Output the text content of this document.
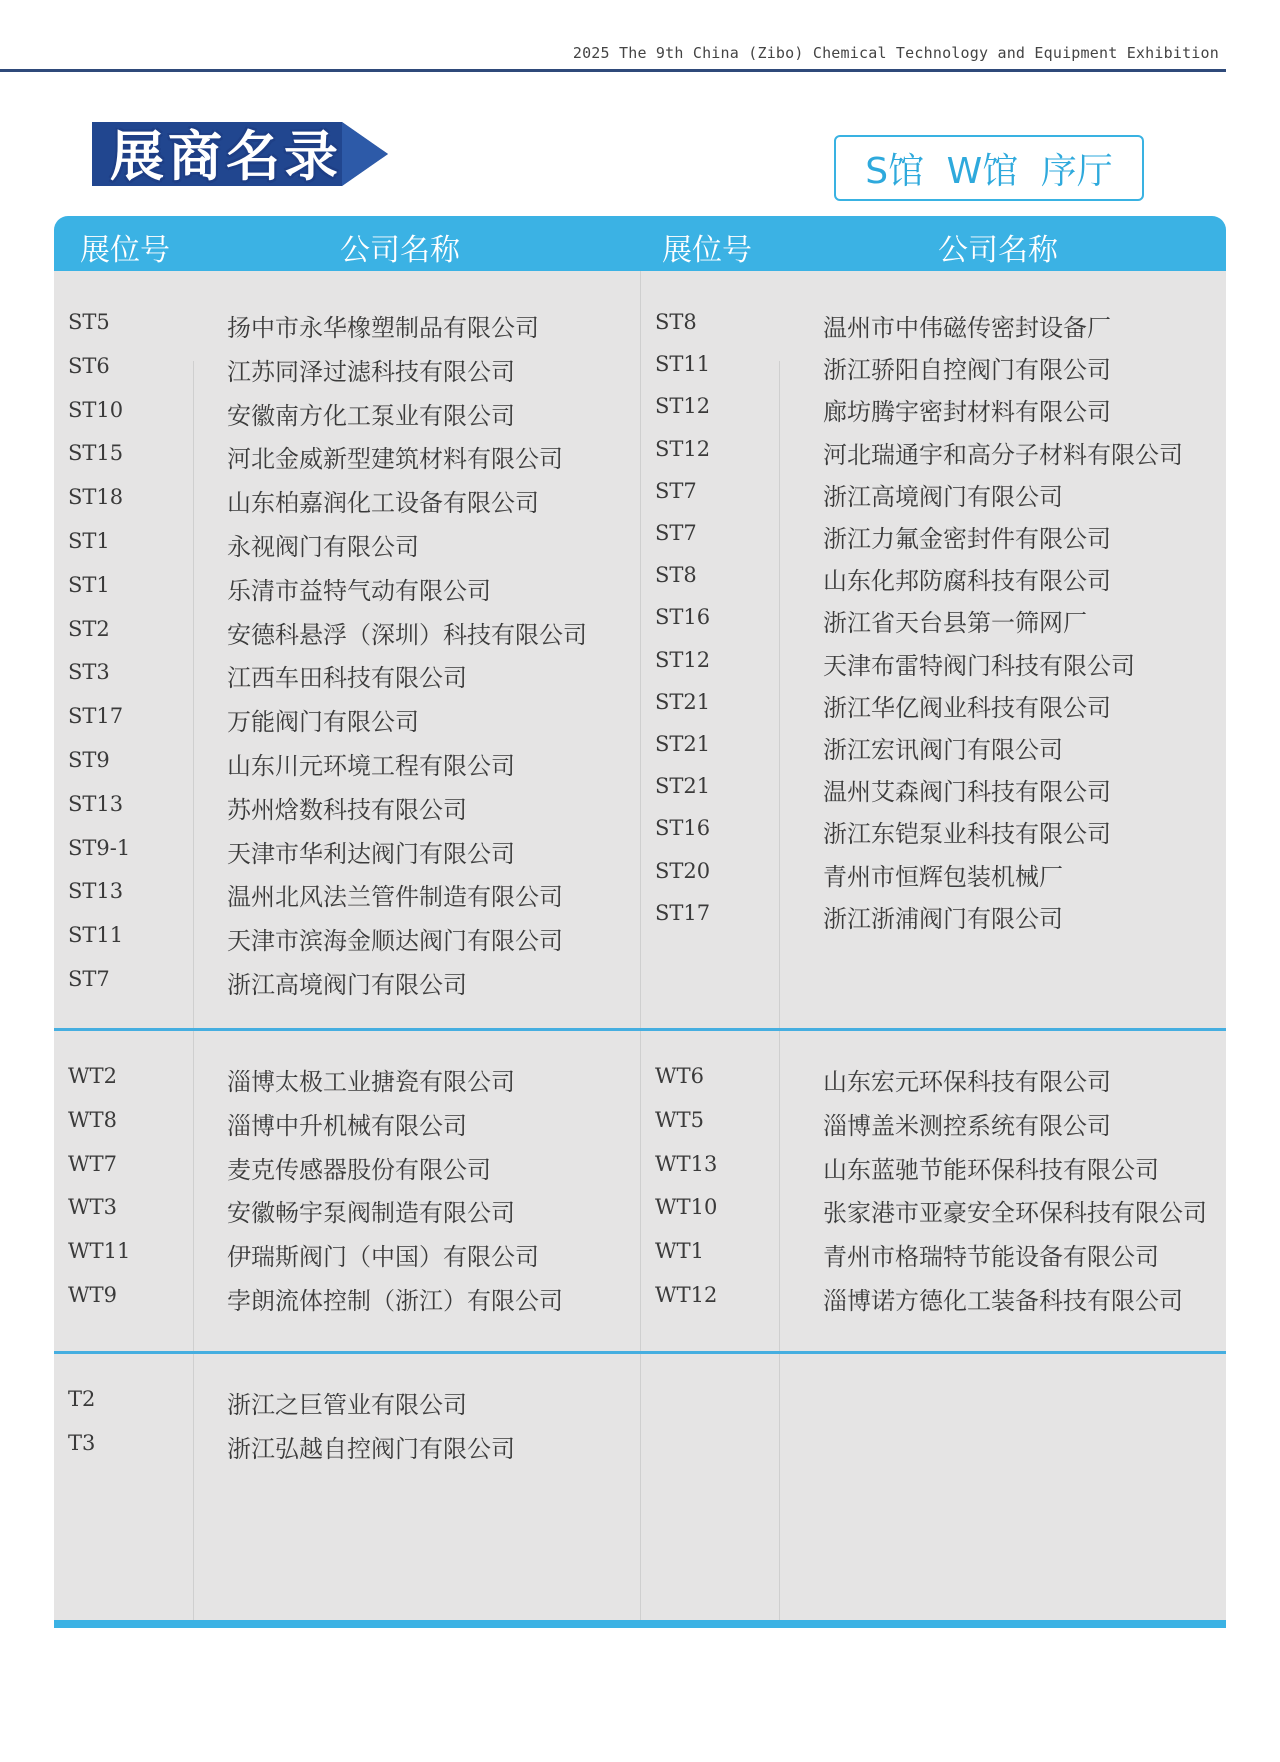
2025 The 9th China (Zibo) Chemical Technology and Equipment Exhibition
展商名录	S馆 W馆 序厅
展位号	公司名称	展位号	公司名称
ST5	扬中市永华橡塑制品有限公司
ST6	江苏同泽过滤科技有限公司
ST10	安徽南方化工泵业有限公司
ST15	河北金威新型建筑材料有限公司
ST18	山东柏嘉润化工设备有限公司
ST1	永视阀门有限公司
ST1	乐清市益特气动有限公司
ST2	安德科悬浮（深圳）科技有限公司
ST3	江西车田科技有限公司
ST17	万能阀门有限公司
ST9	山东川元环境工程有限公司
ST13	苏州焓数科技有限公司
ST9-1	天津市华利达阀门有限公司
ST13	温州北风法兰管件制造有限公司
ST11	天津市滨海金顺达阀门有限公司
ST7	浙江高境阀门有限公司
ST8	温州市中伟磁传密封设备厂
ST11	浙江骄阳自控阀门有限公司
ST12	廊坊腾宇密封材料有限公司
ST12	河北瑞通宇和高分子材料有限公司
ST7	浙江高境阀门有限公司
ST7	浙江力氟金密封件有限公司
ST8	山东化邦防腐科技有限公司
ST16	浙江省天台县第一筛网厂
ST12	天津布雷特阀门科技有限公司
ST21	浙江华亿阀业科技有限公司
ST21	浙江宏讯阀门有限公司
ST21	温州艾森阀门科技有限公司
ST16	浙江东铠泵业科技有限公司
ST20	青州市恒辉包装机械厂
ST17	浙江浙浦阀门有限公司
WT2	淄博太极工业搪瓷有限公司
WT8	淄博中升机械有限公司
WT7	麦克传感器股份有限公司
WT3	安徽畅宇泵阀制造有限公司
WT11	伊瑞斯阀门（中国）有限公司
WT9	孛朗流体控制（浙江）有限公司
WT6	山东宏元环保科技有限公司
WT5	淄博盖米测控系统有限公司
WT13	山东蓝驰节能环保科技有限公司
WT10	张家港市亚豪安全环保科技有限公司
WT1	青州市格瑞特节能设备有限公司
WT12	淄博诺方德化工装备科技有限公司
T2	浙江之巨管业有限公司
T3	浙江弘越自控阀门有限公司
